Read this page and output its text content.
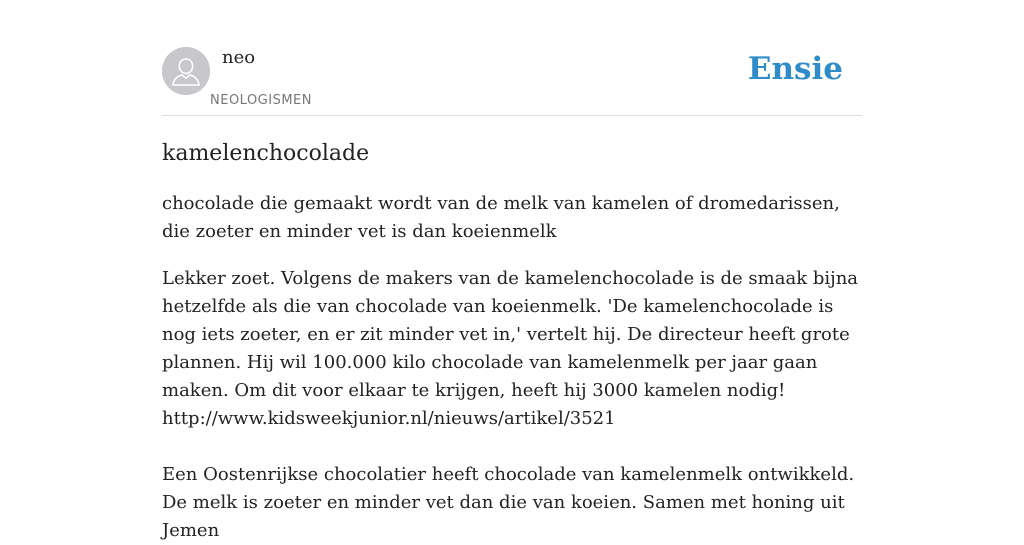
neo
NEOLOGISMEN
Ensie
kamelenchocolade

chocolade die gemaakt wordt van de melk van kamelen of dromedarissen, die zoeter en minder vet is dan koeienmelk

Lekker zoet. Volgens de makers van de kamelenchocolade is de smaak bijna hetzelfde als die van chocolade van koeienmelk. 'De kamelenchocolade is nog iets zoeter, en er zit minder vet in,' vertelt hij. De directeur heeft grote plannen. Hij wil 100.000 kilo chocolade van kamelenmelk per jaar gaan maken. Om dit voor elkaar te krijgen, heeft hij 3000 kamelen nodig!
http://www.kidsweekjunior.nl/nieuws/artikel/3521
Een Oostenrijkse chocolatier heeft chocolade van kamelenmelk ontwikkeld. De melk is zoeter en minder vet dan die van koeien. Samen met honing uit Jemen
